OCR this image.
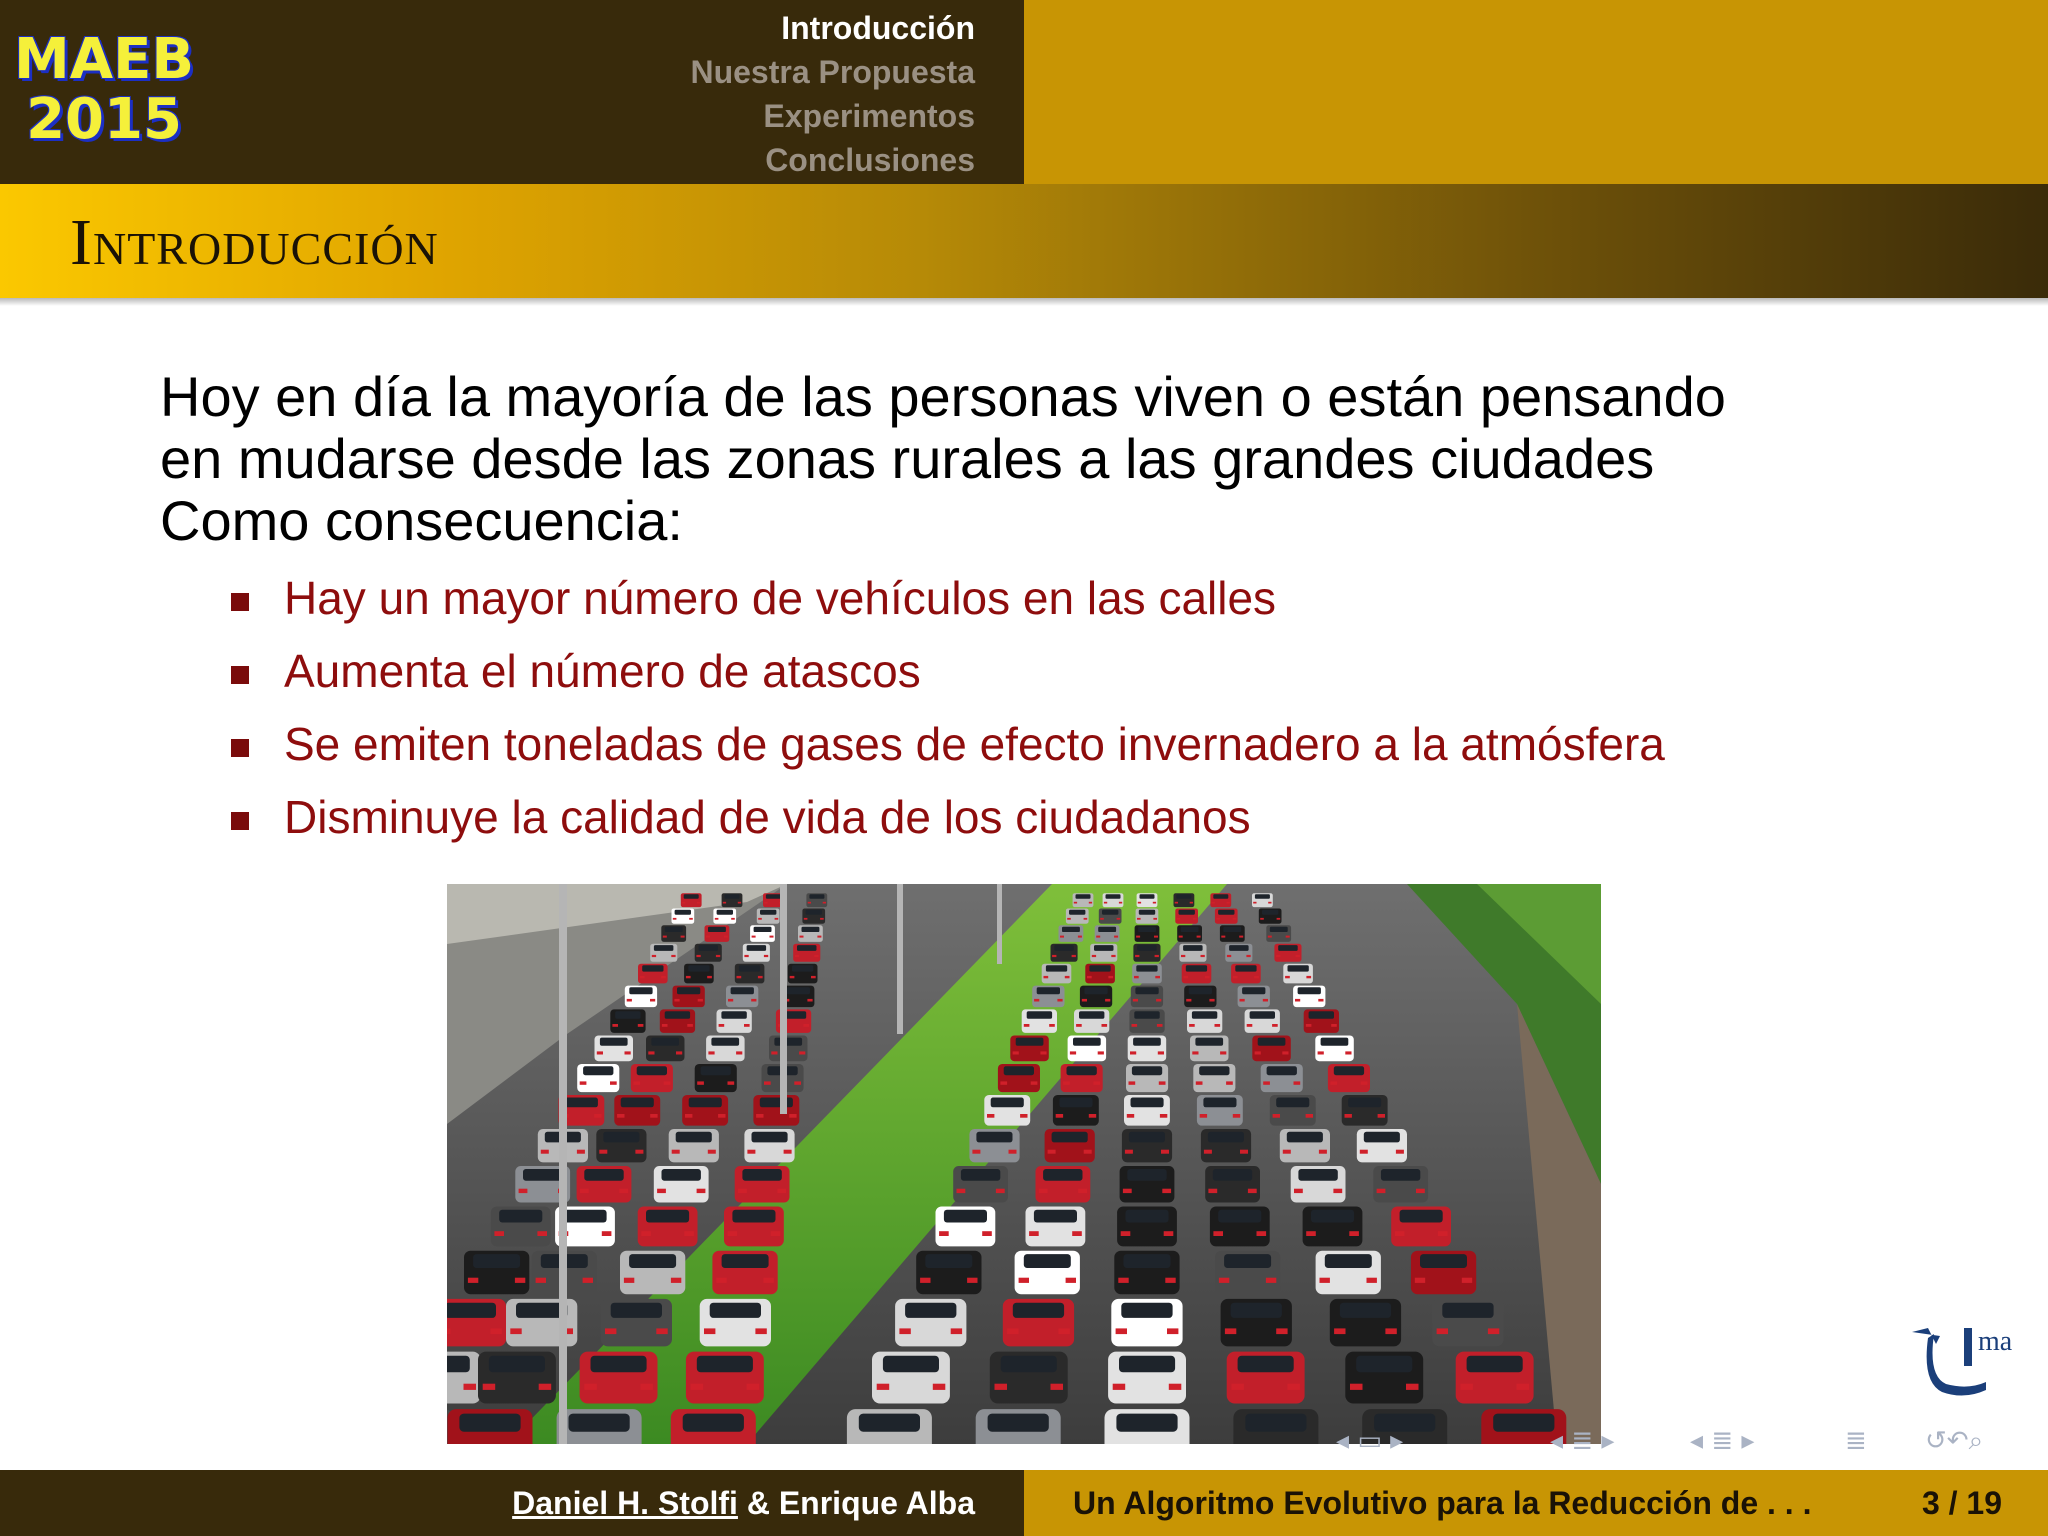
MAEB
2015
Introducción
Nuestra Propuesta
Experimentos
Conclusiones
Introducción
Hoy en día la mayoría de las personas viven o están pensando
en mudarse desde las zonas rurales a las grandes ciudades
Como consecuencia:
Hay un mayor número de vehículos en las calles
Aumenta el número de atascos
Se emiten toneladas de gases de efecto invernadero a la atmósfera
Disminuye la calidad de vida de los ciudadanos
ma
◂ ▭ ▸	◂ ≣ ▸	◂ ≣ ▸	≣ ↺↶⌕
Daniel H. Stolfi & Enrique Alba	Un Algoritmo Evolutivo para la Reducción de . . .	3 / 19
